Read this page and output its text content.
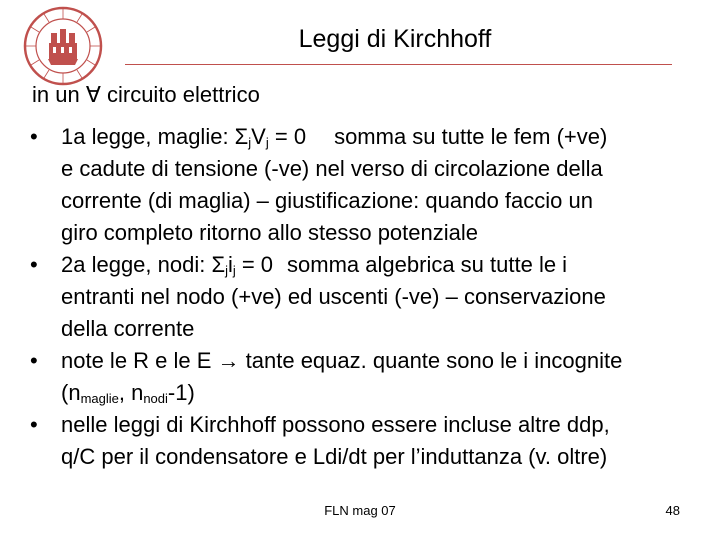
Leggi di Kirchhoff
in un ∀ circuito elettrico
• 1a legge, maglie: $\Sigma_jV_j = 0$ somma su tutte le fem (+ve)
e cadute di tensione (-ve) nel verso di circolazione della
corrente (di maglia) – giustificazione: quando faccio un
giro completo ritorno allo stesso potenziale
• 2a legge, nodi: $\Sigma_ji_j = 0$ somma algebrica su tutte le i
entranti nel nodo (+ve) ed uscenti (-ve) – conservazione
della corrente
• note le R e le E → tante equaz. quante sono le i incognite
($n_{maglie}$, $n_{nodi}-1$)
• nelle leggi di Kirchhoff possono essere incluse altre ddp,
q/C per il condensatore e Ldi/dt per l’induttanza (v. oltre)
FLN mag 07	48
